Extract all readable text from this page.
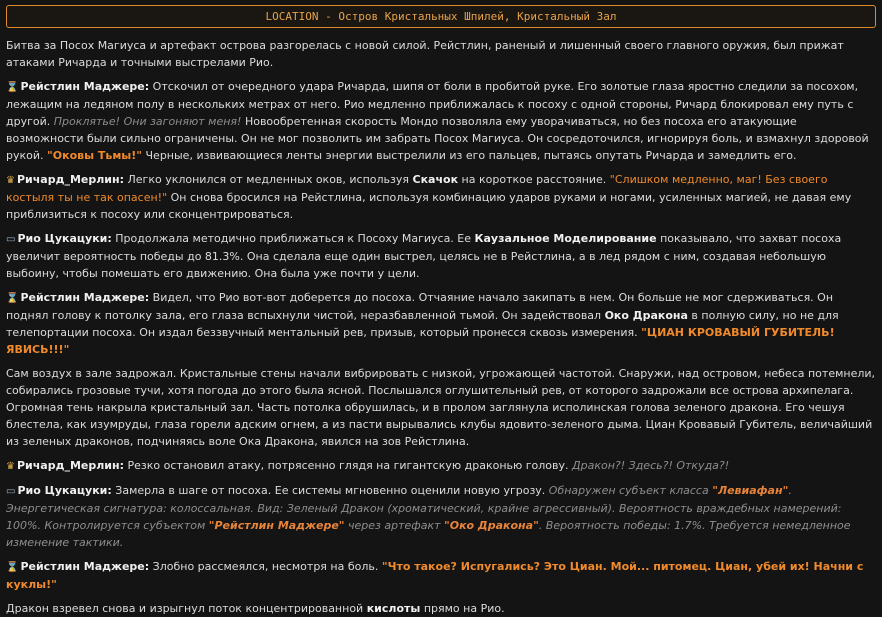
LOCATION - Остров Кристальных Шпилей, Кристальный Зал

Битва за Посох Магиуса и артефакт острова разгорелась с новой силой. Рейстлин, раненый и лишенный своего главного оружия, был прижат атаками Ричарда и точными выстрелами Рио.

⌛ Рейстлин Маджере: Отскочил от очередного удара Ричарда, шипя от боли в пробитой руке. Его золотые глаза яростно следили за посохом, лежащим на ледяном полу в нескольких метрах от него. Рио медленно приближалась к посоху с одной стороны, Ричард блокировал ему путь с другой. Проклятье! Они загоняют меня! Новообретенная скорость Мондо позволяла ему уворачиваться, но без посоха его атакующие возможности были сильно ограничены. Он не мог позволить им забрать Посох Магиуса. Он сосредоточился, игнорируя боль, и взмахнул здоровой рукой. "Оковы Тьмы!" Черные, извивающиеся ленты энергии выстрелили из его пальцев, пытаясь опутать Ричарда и замедлить его.

♛ Ричард_Мерлин: Легко уклонился от медленных оков, используя Скачок на короткое расстояние. "Слишком медленно, маг! Без своего костыля ты не так опасен!" Он снова бросился на Рейстлина, используя комбинацию ударов руками и ногами, усиленных магией, не давая ему приблизиться к посоху или сконцентрироваться.

▭ Рио Цукацуки: Продолжала методично приближаться к Посоху Магиуса. Ее Каузальное Моделирование показывало, что захват посоха увеличит вероятность победы до 81.3%. Она сделала еще один выстрел, целясь не в Рейстлина, а в лед рядом с ним, создавая небольшую выбоину, чтобы помешать его движению. Она была уже почти у цели.

⌛ Рейстлин Маджере: Видел, что Рио вот-вот доберется до посоха. Отчаяние начало закипать в нем. Он больше не мог сдерживаться. Он поднял голову к потолку зала, его глаза вспыхнули чистой, неразбавленной тьмой. Он задействовал Око Дракона в полную силу, но не для телепортации посоха. Он издал беззвучный ментальный рев, призыв, который пронесся сквозь измерения. "ЦИАН КРОВАВЫЙ ГУБИТЕЛЬ! ЯВИСЬ!!!"

Сам воздух в зале задрожал. Кристальные стены начали вибрировать с низкой, угрожающей частотой. Снаружи, над островом, небеса потемнели, собирались грозовые тучи, хотя погода до этого была ясной. Послышался оглушительный рев, от которого задрожали все острова архипелага. Огромная тень накрыла кристальный зал. Часть потолка обрушилась, и в пролом заглянула исполинская голова зеленого дракона. Его чешуя блестела, как изумруды, глаза горели адским огнем, а из пасти вырывались клубы ядовито-зеленого дыма. Циан Кровавый Губитель, величайший из зеленых драконов, подчиняясь воле Ока Дракона, явился на зов Рейстлина.

♛ Ричард_Мерлин: Резко остановил атаку, потрясенно глядя на гигантскую драконью голову. Дракон?! Здесь?! Откуда?!

▭ Рио Цукацуки: Замерла в шаге от посоха. Ее системы мгновенно оценили новую угрозу. Обнаружен субъект класса "Левиафан". Энергетическая сигнатура: колоссальная. Вид: Зеленый Дракон (хроматический, крайне агрессивный). Вероятность враждебных намерений: 100%. Контролируется субъектом "Рейстлин Маджере" через артефакт "Око Дракона". Вероятность победы: 1.7%. Требуется немедленное изменение тактики.

⌛ Рейстлин Маджере: Злобно рассмеялся, несмотря на боль. "Что такое? Испугались? Это Циан. Мой... питомец. Циан, убей их! Начни с куклы!"

Дракон взревел снова и изрыгнул поток концентрированной кислоты прямо на Рио.
